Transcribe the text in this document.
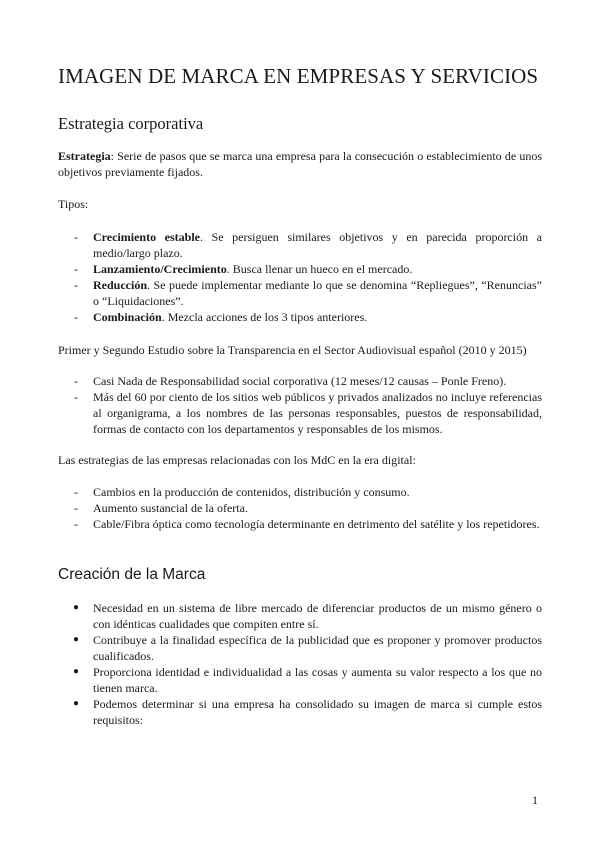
IMAGEN DE MARCA EN EMPRESAS Y SERVICIOS
Estrategia corporativa

Estrategia: Serie de pasos que se marca una empresa para la consecución o establecimiento de unos objetivos previamente fijados.

Tipos:

- Crecimiento estable. Se persiguen similares objetivos y en parecida proporción a medio/largo plazo.
- Lanzamiento/Crecimiento. Busca llenar un hueco en el mercado.
- Reducción. Se puede implementar mediante lo que se denomina “Repliegues”, “Renuncias” o “Liquidaciones”.
- Combinación. Mezcla acciones de los 3 tipos anteriores.

Primer y Segundo Estudio sobre la Transparencia en el Sector Audiovisual español (2010 y 2015)

- Casi Nada de Responsabilidad social corporativa (12 meses/12 causas – Ponle Freno).
- Más del 60 por ciento de los sitios web públicos y privados analizados no incluye referencias al organigrama, a los nombres de las personas responsables, puestos de responsabilidad, formas de contacto con los departamentos y responsables de los mismos.

Las estrategias de las empresas relacionadas con los MdC en la era digital:

- Cambios en la producción de contenidos, distribución y consumo.
- Aumento sustancial de la oferta.
- Cable/Fibra óptica como tecnología determinante en detrimento del satélite y los repetidores.
Creación de la Marca
● Necesidad en un sistema de libre mercado de diferenciar productos de un mismo género o con idénticas cualidades que compiten entre sí.
● Contribuye a la finalidad específica de la publicidad que es proponer y promover productos cualificados.
● Proporciona identidad e individualidad a las cosas y aumenta su valor respecto a los que no tienen marca.
● Podemos determinar si una empresa ha consolidado su imagen de marca si cumple estos requisitos:
1
